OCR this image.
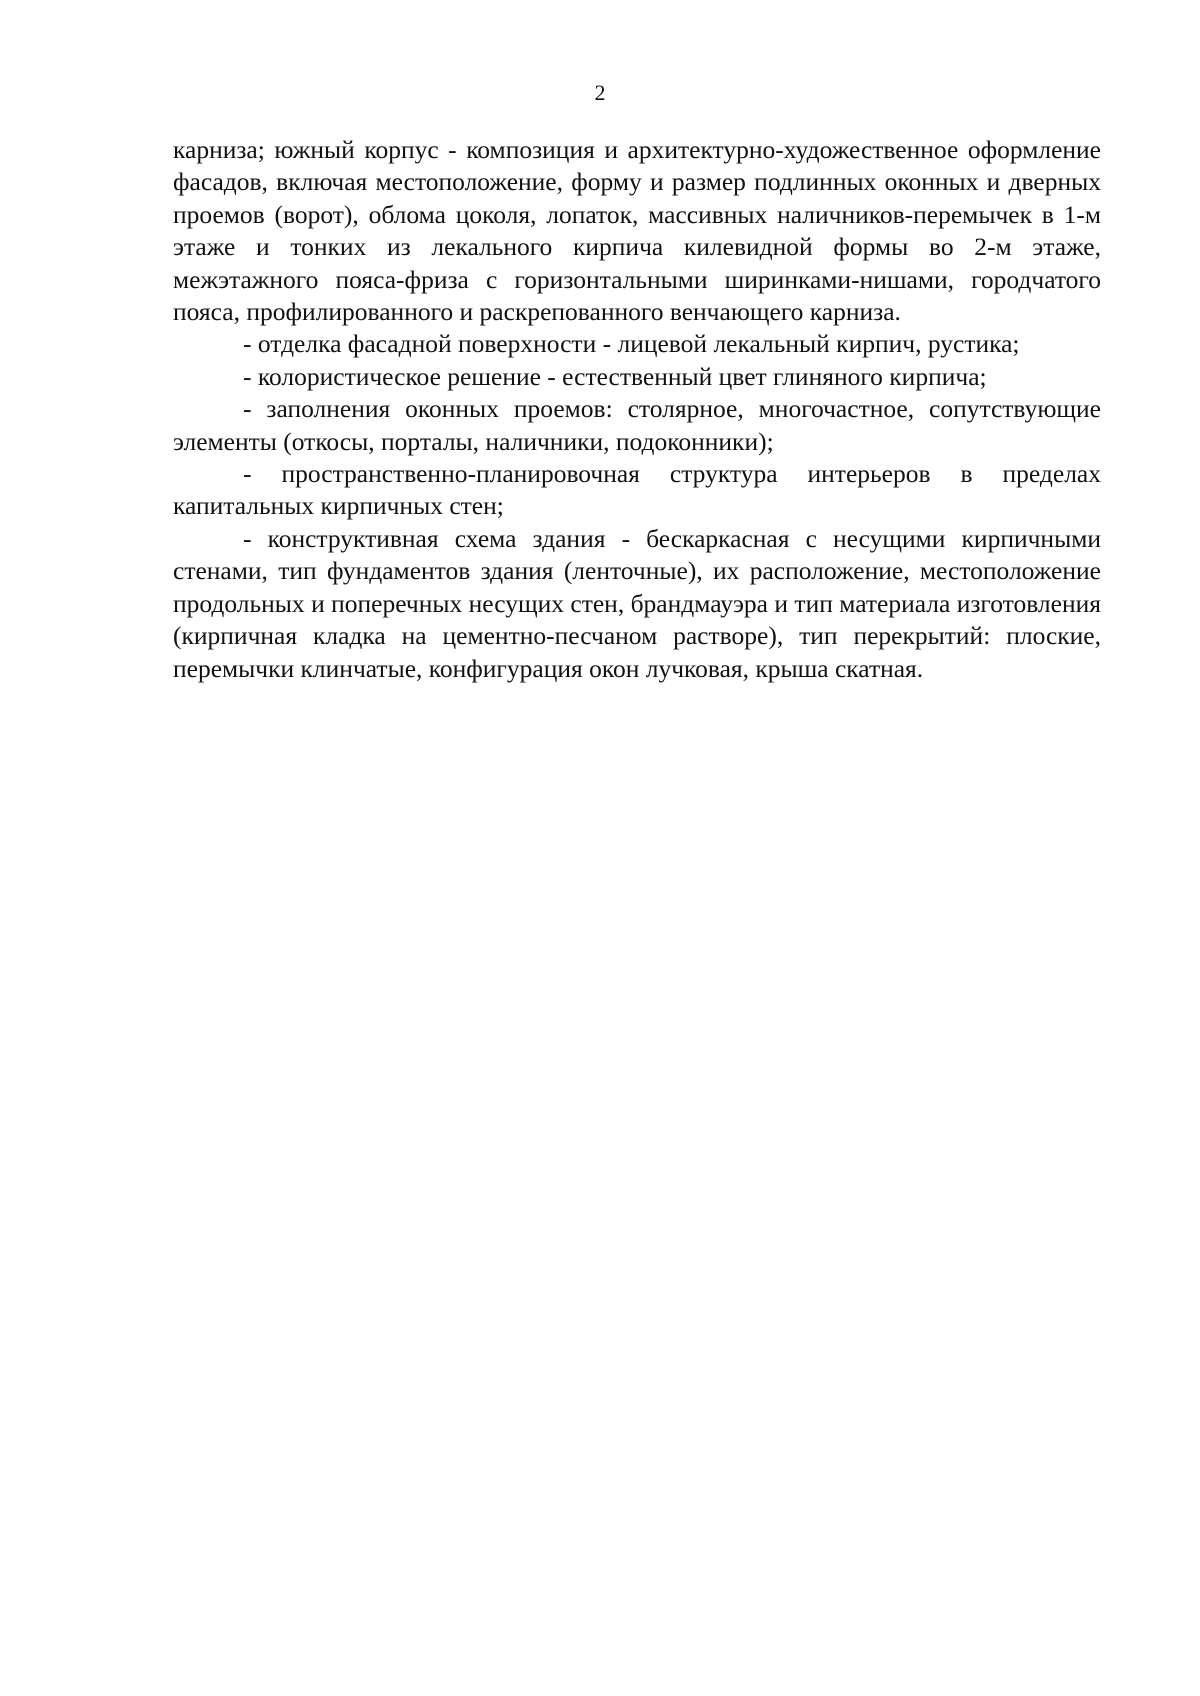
2

карниза; южный корпус - композиция и архитектурно-художественное оформление фасадов, включая местоположение, форму и размер подлинных оконных и дверных проемов (ворот), облома цоколя, лопаток, массивных наличников-перемычек в 1-м этаже и тонких из лекального кирпича килевидной формы во 2-м этаже, межэтажного пояса-фриза с горизонтальными ширинками-нишами, городчатого пояса, профилированного и раскрепованного венчающего карниза.

- отделка фасадной поверхности - лицевой лекальный кирпич, рустика;

- колористическое решение - естественный цвет глиняного кирпича;

- заполнения оконных проемов: столярное, многочастное, сопутствующие элементы (откосы, порталы, наличники, подоконники);

- пространственно-планировочная структура интерьеров в пределах капитальных кирпичных стен;

- конструктивная схема здания - бескаркасная с несущими кирпичными стенами, тип фундаментов здания (ленточные), их расположение, местоположение продольных и поперечных несущих стен, брандмауэра и тип материала изготовления (кирпичная кладка на цементно-песчаном растворе), тип перекрытий: плоские, перемычки клинчатые, конфигурация окон лучковая, крыша скатная.
